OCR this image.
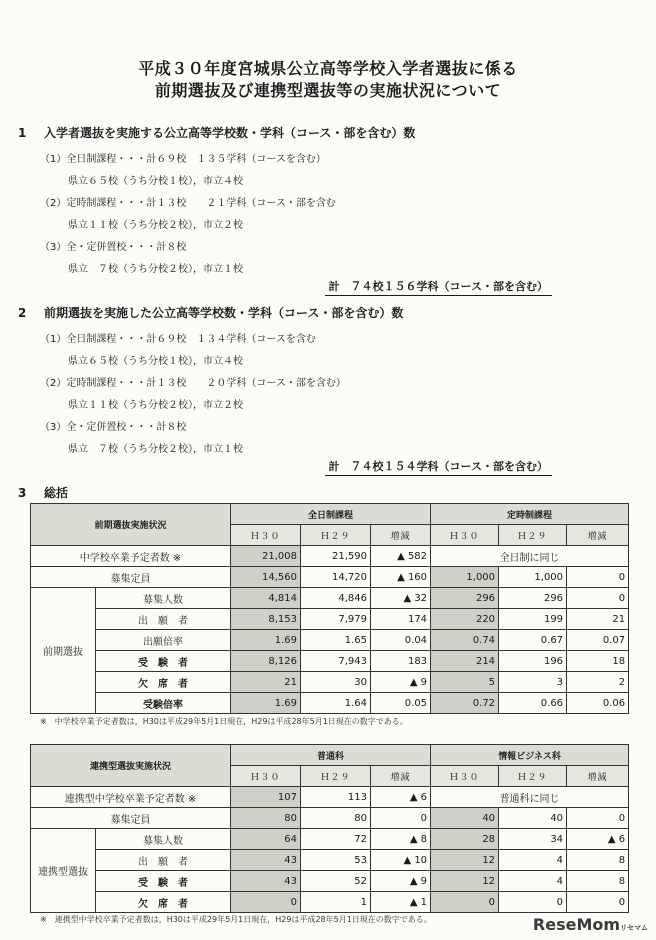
平成３０年度宮城県公立高等学校入学者選抜に係る
前期選抜及び連携型選抜等の実施状況について
1 入学者選抜を実施する公立高等学校数・学科（コース・部を含む）数
（1）全日制課程・・・計６９校　１３５学科（コースを含む）
県立６５校（うち分校１校），市立４校
（2）定時制課程・・・計１３校　　２１学科（コース・部を含む
県立１１校（うち分校２校），市立２校
（3）全・定併置校・・・計８校
県立　７校（うち分校２校），市立１校
計　７４校１５６学科（コース・部を含む）
2 前期選抜を実施した公立高等学校数・学科（コース・部を含む）数
（1）全日制課程・・・計６９校　１３４学科（コースを含む
県立６５校（うち分校１校），市立４校
（2）定時制課程・・・計１３校　　２０学科（コース・部を含む）
県立１１校（うち分校２校），市立２校
（3）全・定併置校・・・計８校
県立　７校（うち分校２校），市立１校
計　７４校１５４学科（コース・部を含む）
3 総括
前期選抜実施状況		全日制課程			定時制課程		
		Ｈ３０	Ｈ２９	増減	Ｈ３０	Ｈ２９	増減
中学校卒業予定者数 ※		21,008	21,590	▲ 582	全日制に同じ		
募集定員		14,560	14,720	▲ 160	1,000	1,000	0
前期選抜	募集人数	4,814	4,846	▲ 32	296	296	0
	出　願　者	8,153	7,979	174	220	199	21
	出願倍率	1.69	1.65	0.04	0.74	0.67	0.07
	受　験　者	8,126	7,943	183	214	196	18
	欠　席　者	21	30	▲ 9	5	3	2
	受験倍率	1.69	1.64	0.05	0.72	0.66	0.06
※　中学校卒業予定者数は，H30は平成29年5月1日現在，H29は平成28年5月1日現在の数字である。
連携型選抜実施状況		普通科			情報ビジネス科		
		Ｈ３０	Ｈ２９	増減	Ｈ３０	Ｈ２９	増減
連携型中学校卒業予定者数 ※		107	113	▲ 6	普通科に同じ		
募集定員		80	80	0	40	40	0
連携型選抜	募集人数	64	72	▲ 8	28	34	▲ 6
	出　願　者	43	53	▲ 10	12	4	8
	受　験　者	43	52	▲ 9	12	4	8
	欠　席　者	0	1	▲ 1	0	0	0
※　連携型中学校卒業予定者数は，H30は平成29年5月1日現在，H29は平成28年5月1日現在の数字である。	ReseMomリセマム
